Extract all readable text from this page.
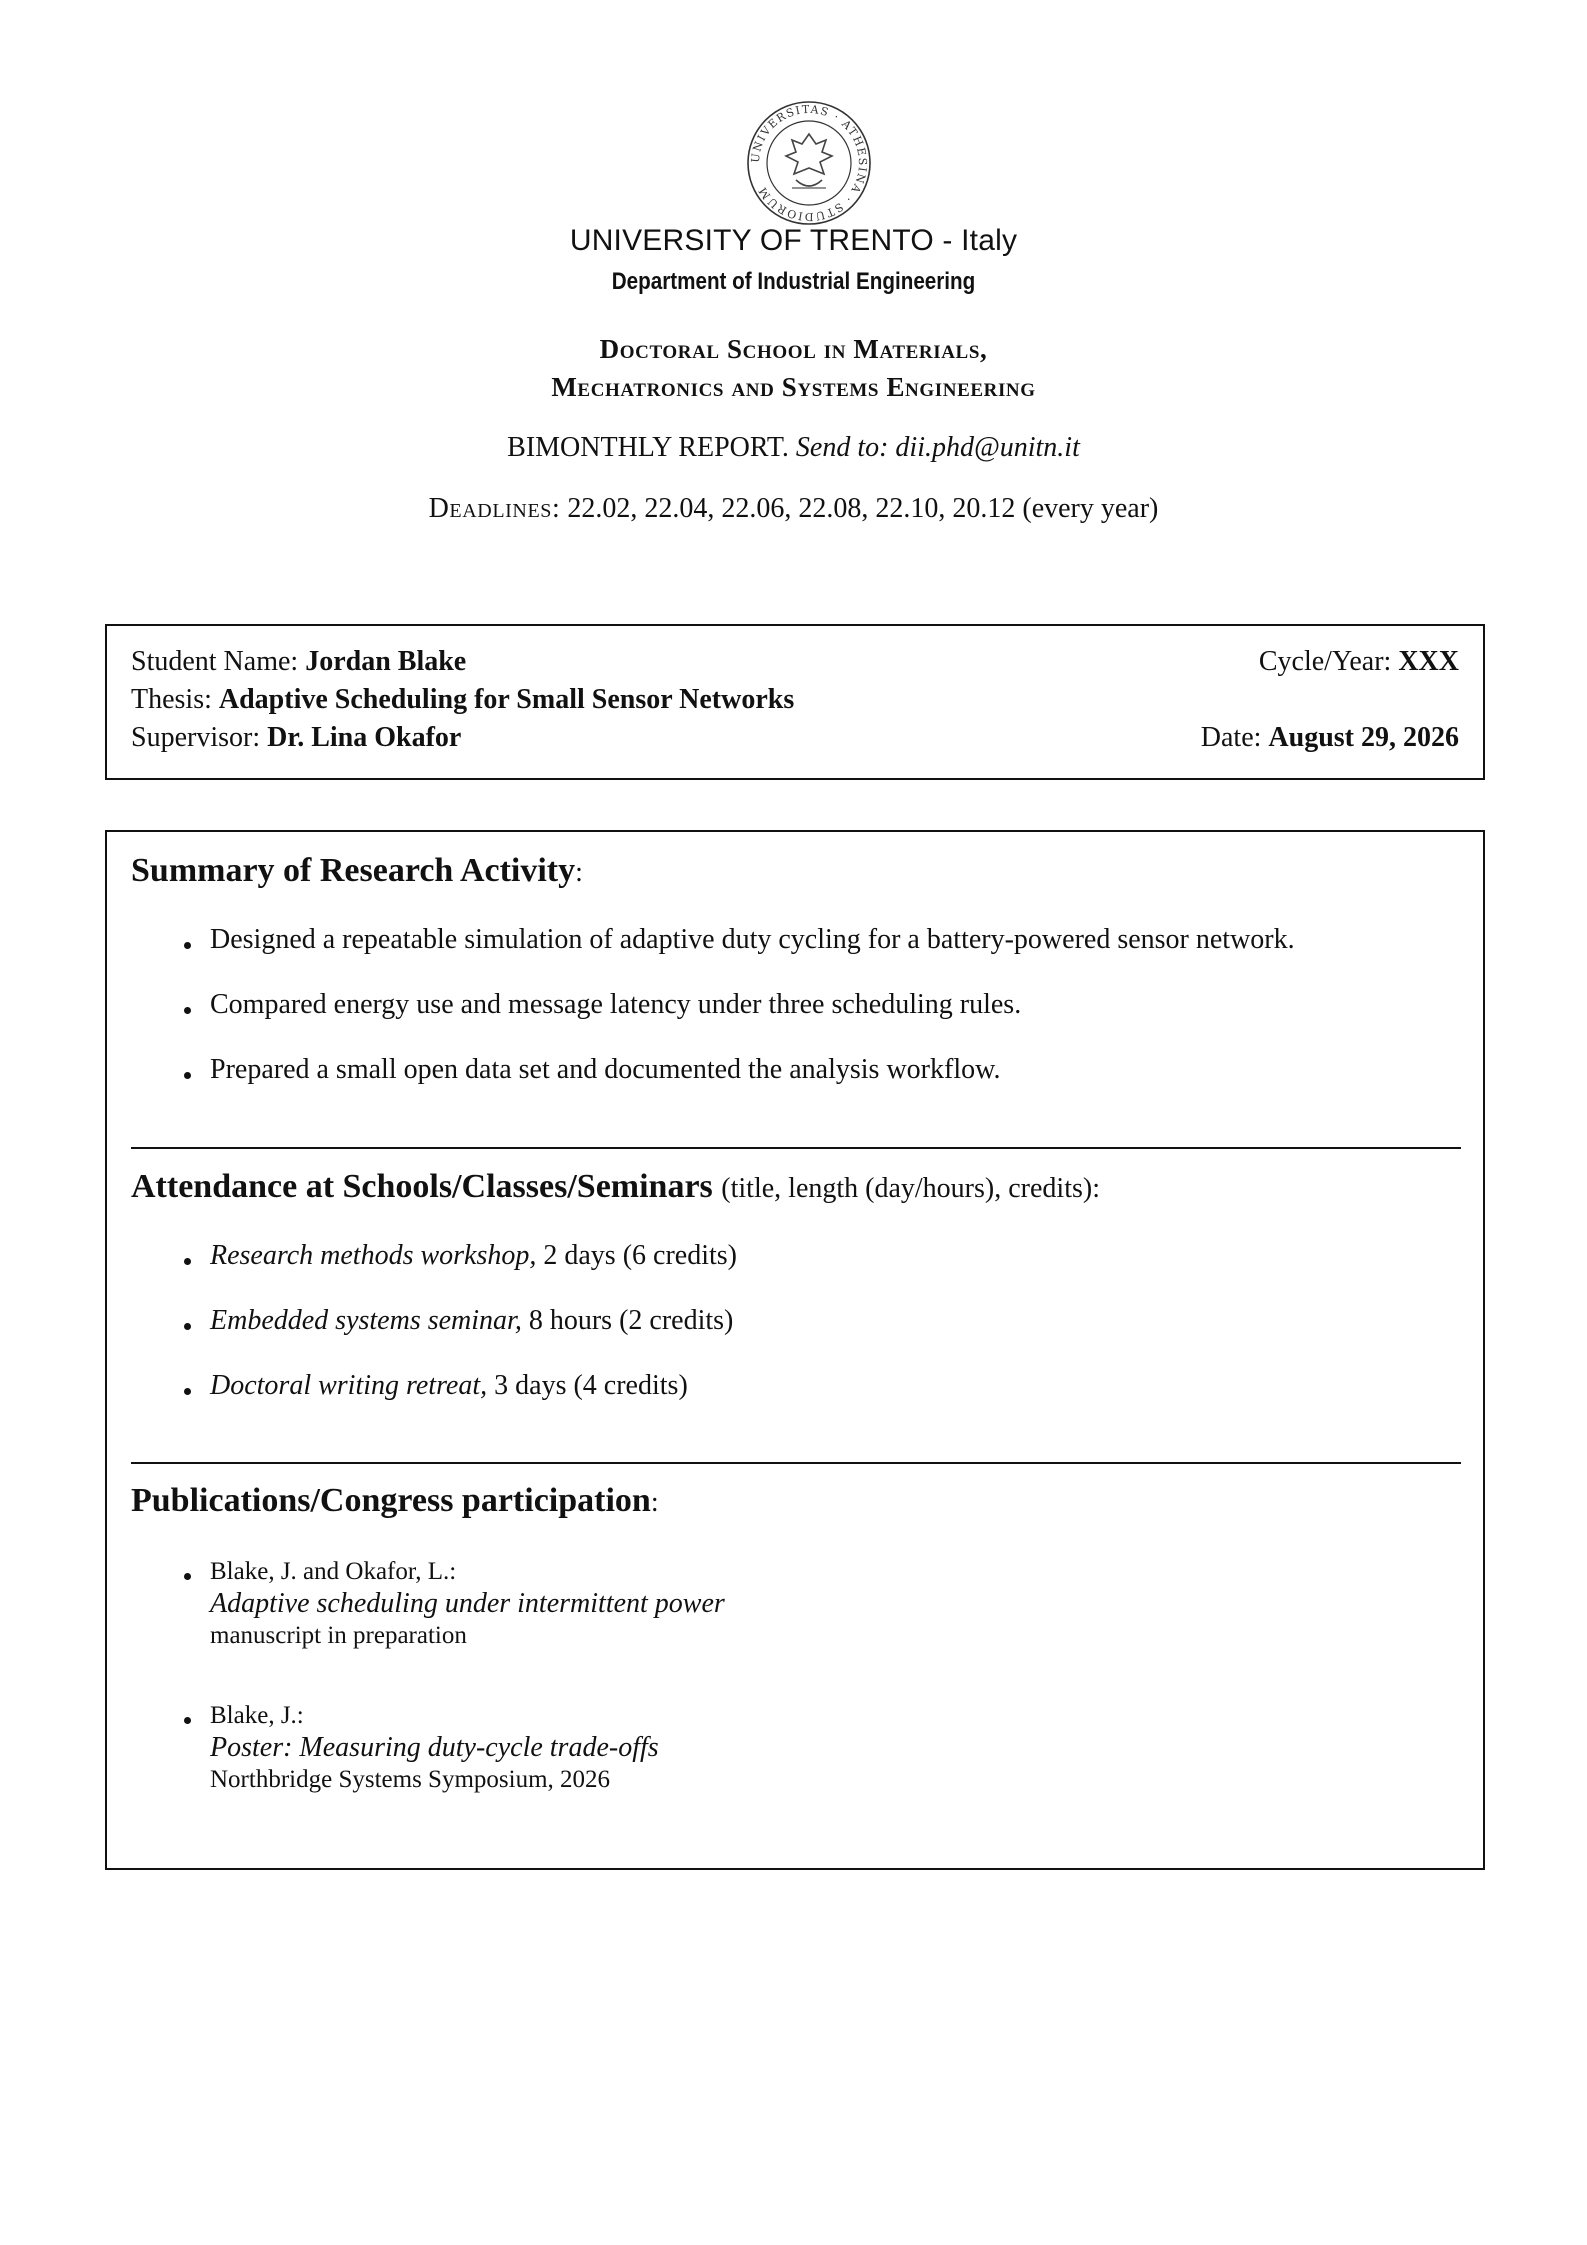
UNIVERSITAS · ATHESINA · STUDIORUM
UNIVERSITY OF TRENTO - Italy
Department of Industrial Engineering
Doctoral School in Materials,
Mechatronics and Systems Engineering
BIMONTHLY REPORT. Send to: dii.phd@unitn.it
Deadlines: 22.02, 22.04, 22.06, 22.08, 22.10, 20.12 (every year)
Student Name: Jordan Blake	Cycle/Year: XXX
Thesis: Adaptive Scheduling for Small Sensor Networks
Supervisor: Dr. Lina Okafor	Date: August 29, 2026
Summary of Research Activity:
Designed a repeatable simulation of adaptive duty cycling for a battery-powered sensor network.
Compared energy use and message latency under three scheduling rules.
Prepared a small open data set and documented the analysis workflow.
Attendance at Schools/Classes/Seminars (title, length (day/hours), credits):
Research methods workshop, 2 days (6 credits)
Embedded systems seminar, 8 hours (2 credits)
Doctoral writing retreat, 3 days (4 credits)
Publications/Congress participation:
Blake, J. and Okafor, L.:
Adaptive scheduling under intermittent power
manuscript in preparation
Blake, J.:
Poster: Measuring duty-cycle trade-offs
Northbridge Systems Symposium, 2026
